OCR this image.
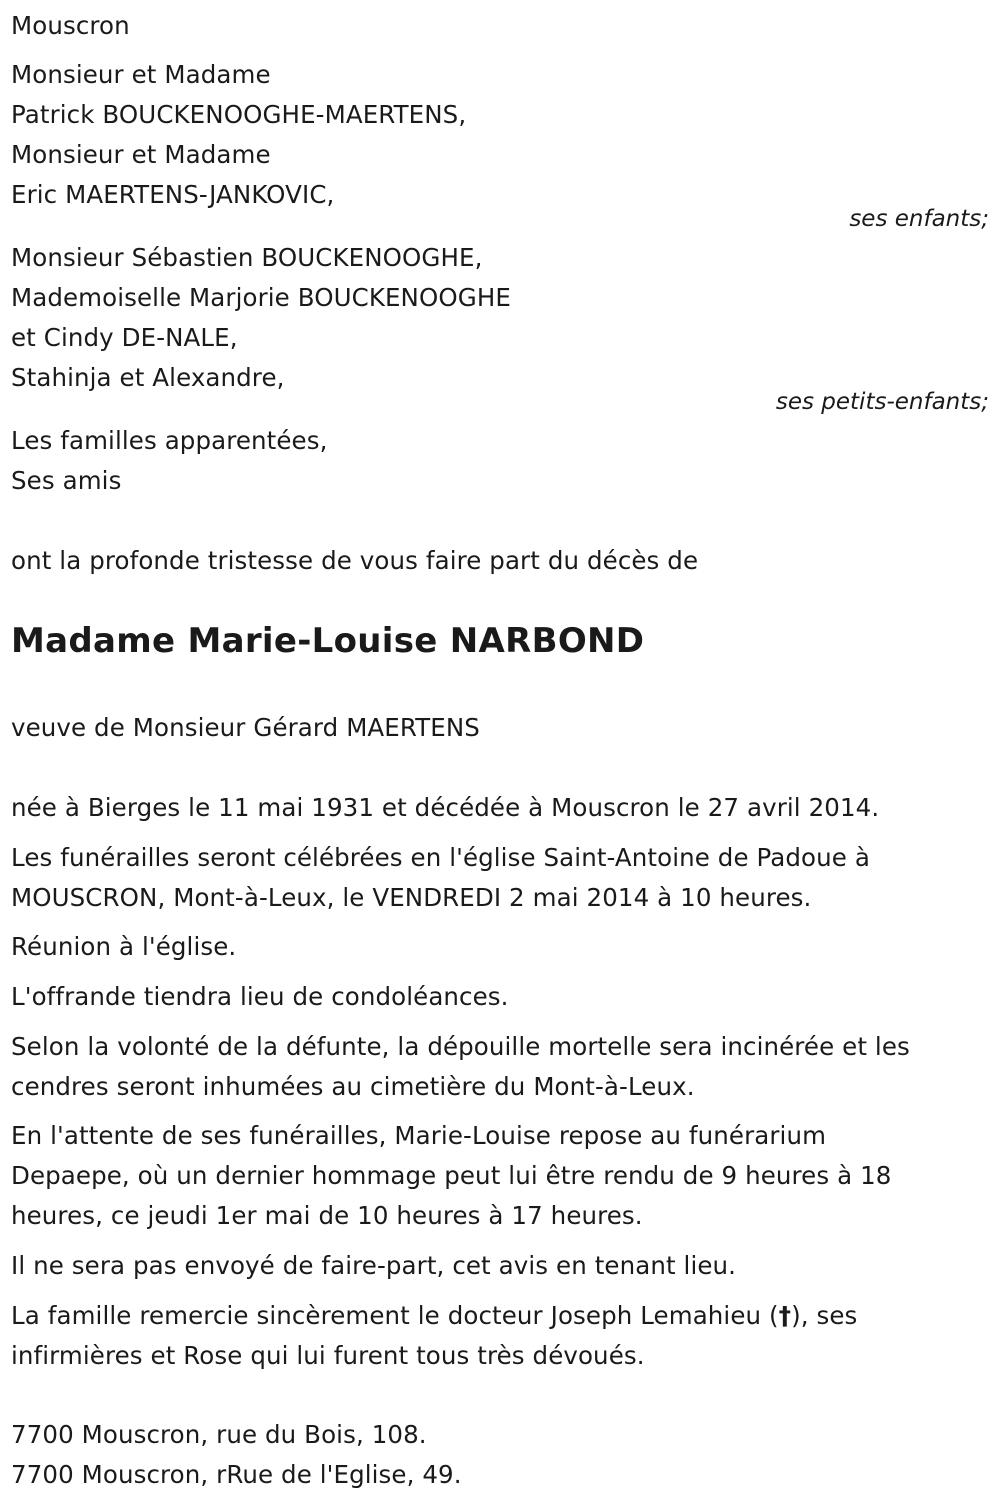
Mouscron
Monsieur et Madame
Patrick BOUCKENOOGHE-MAERTENS,
Monsieur et Madame
Eric MAERTENS-JANKOVIC,
ses enfants;
Monsieur Sébastien BOUCKENOOGHE,
Mademoiselle Marjorie BOUCKENOOGHE
et Cindy DE-NALE,
Stahinja et Alexandre,
ses petits-enfants;
Les familles apparentées,
Ses amis
ont la profonde tristesse de vous faire part du décès de
Madame Marie-Louise NARBOND
veuve de Monsieur Gérard MAERTENS
née à Bierges le 11 mai 1931 et décédée à Mouscron le 27 avril 2014.
Les funérailles seront célébrées en l'église Saint-Antoine de Padoue à
MOUSCRON, Mont-à-Leux, le VENDREDI 2 mai 2014 à 10 heures.
Réunion à l'église.
L'offrande tiendra lieu de condoléances.
Selon la volonté de la défunte, la dépouille mortelle sera incinérée et les
cendres seront inhumées au cimetière du Mont-à-Leux.
En l'attente de ses funérailles, Marie-Louise repose au funérarium
Depaepe, où un dernier hommage peut lui être rendu de 9 heures à 18
heures, ce jeudi 1er mai de 10 heures à 17 heures.
Il ne sera pas envoyé de faire-part, cet avis en tenant lieu.
La famille remercie sincèrement le docteur Joseph Lemahieu (†), ses
infirmières et Rose qui lui furent tous très dévoués.
7700 Mouscron, rue du Bois, 108.
7700 Mouscron, rRue de l'Eglise, 49.
